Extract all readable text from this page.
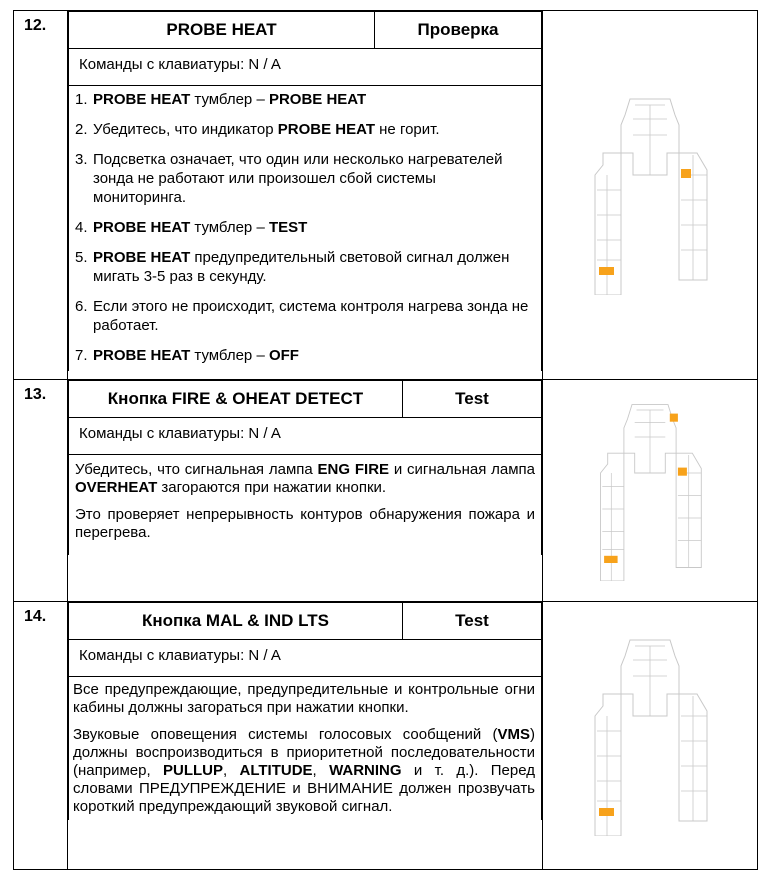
12.		PROBE HEAT	Проверка
Команды с клавиатуры: N / A

1. PROBE HEAT тумблер – PROBE HEAT
2. Убедитесь, что индикатор PROBE HEAT не горит.
3. Подсветка означает, что один или несколько нагревателей зонда не работают или произошел сбой системы мониторинга.
4. PROBE HEAT тумблер – TEST
5. PROBE HEAT предупредительный световой сигнал должен мигать 3-5 раз в секунду.
6. Если этого не происходит, система контроля нагрева зонда не работает.
7. PROBE HEAT тумблер – OFF

13.		Кнопка FIRE & OHEAT DETECT	Test
Команды с клавиатуры: N / A

Убедитесь, что сигнальная лампа ENG FIRE и сигнальная лампа OVERHEAT загораются при нажатии кнопки.

Это проверяет непрерывность контуров обнаружения пожара и перегрева.

14.		Кнопка MAL & IND LTS	Test
Команды с клавиатуры: N / A

Все предупреждающие, предупредительные и контрольные огни кабины должны загораться при нажатии кнопки.

Звуковые оповещения системы голосовых сообщений (VMS) должны воспроизводиться в приоритетной последовательности (например, PULLUP, ALTITUDE, WARNING и т. д.). Перед словами ПРЕДУПРЕЖДЕНИЕ и ВНИМАНИЕ должен прозвучать короткий предупреждающий звуковой сигнал.
